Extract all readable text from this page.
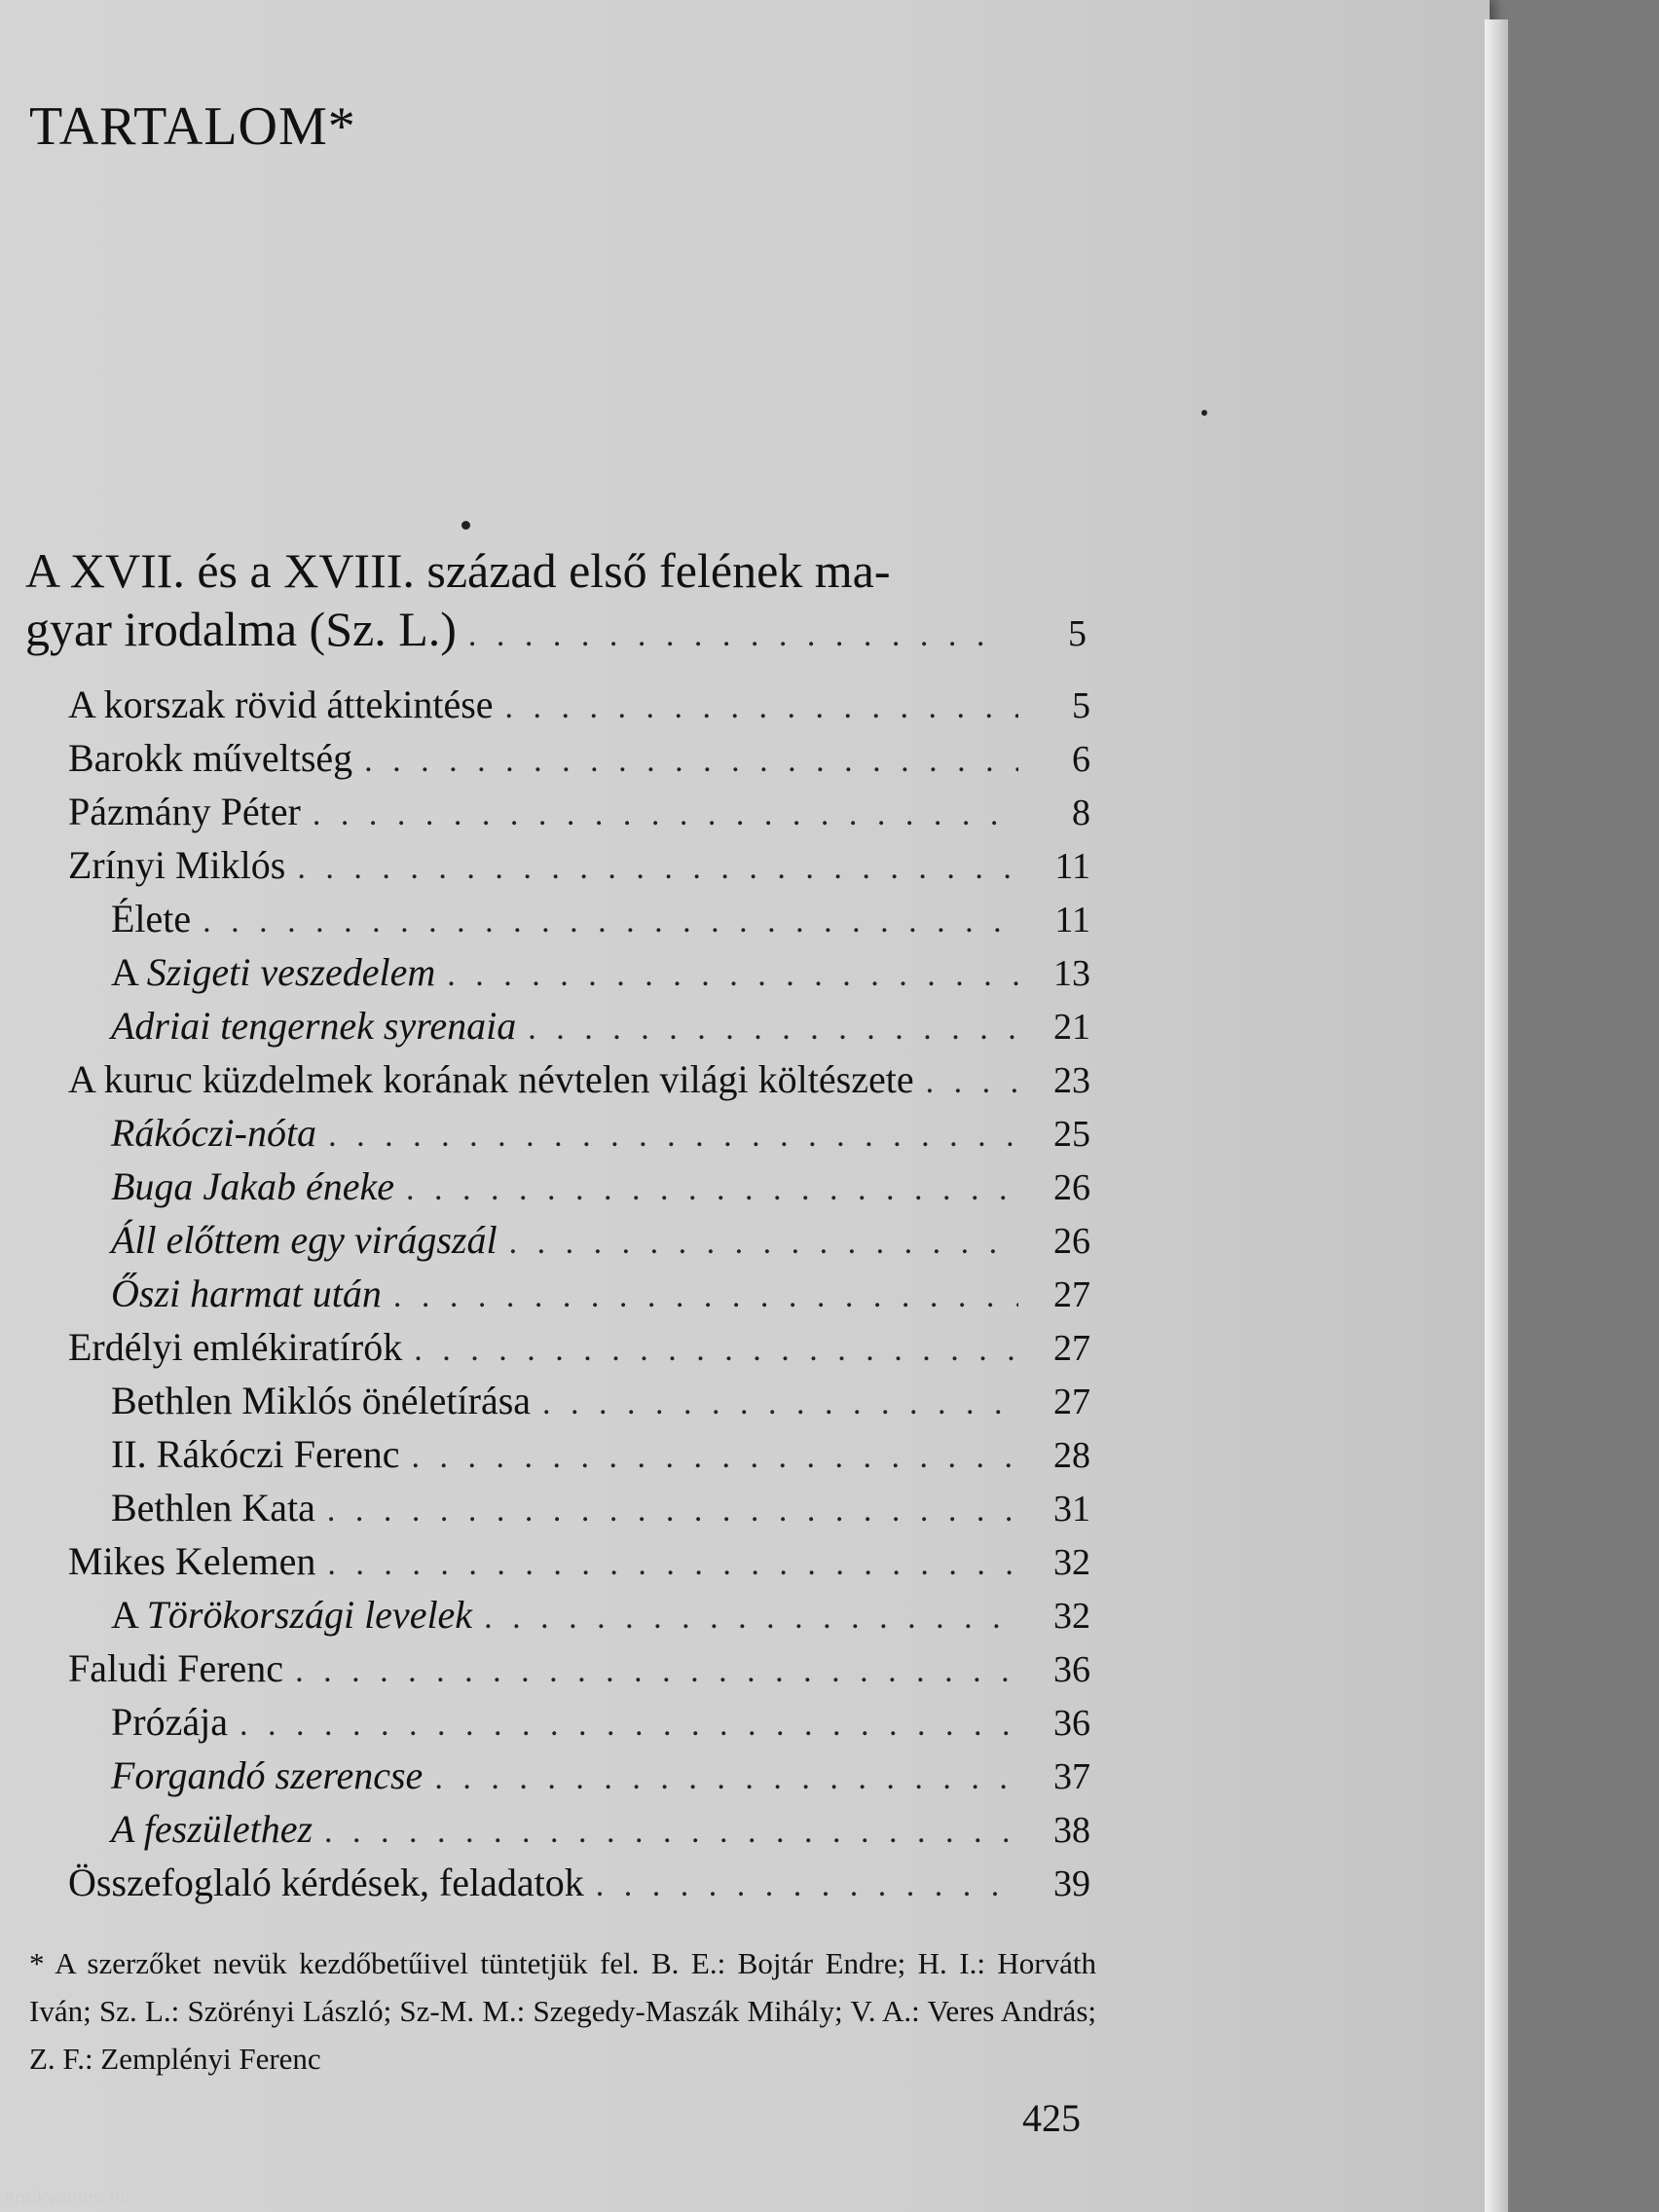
TARTALOM*
A XVII. és a XVIII. század első felének ma-
gyar irodalma (Sz. L.) . . .	5
A korszak rövid áttekintése . . .	5
Barokk műveltség . . .	6
Pázmány Péter . . .	8
Zrínyi Miklós . . .	11
Élete . . .	11
A Szigeti veszedelem . . .	13
Adriai tengernek syrenaia . . .	21
A kuruc küzdelmek korának névtelen világi költészete . . .	23
Rákóczi-nóta . . .	25
Buga Jakab éneke . . .	26
Áll előttem egy virágszál . . .	26
Őszi harmat után . . .	27
Erdélyi emlékiratírók . . .	27
Bethlen Miklós önéletírása . . .	27
II. Rákóczi Ferenc . . .	28
Bethlen Kata . . .	31
Mikes Kelemen . . .	32
A Törökországi levelek . . .	32
Faludi Ferenc . . .	36
Prózája . . .	36
Forgandó szerencse . . .	37
A feszülethez . . .	38
Összefoglaló kérdések, feladatok . . .	39
* A szerzőket nevük kezdőbetűivel tüntetjük fel. B. E.: Bojtár Endre; H. I.: Horváth Iván; Sz. L.: Szörényi László; Sz-M. M.: Szegedy-Maszák Mihály; V. A.: Veres András; Z. F.: Zemplényi Ferenc
425
Antikvarium.hu
